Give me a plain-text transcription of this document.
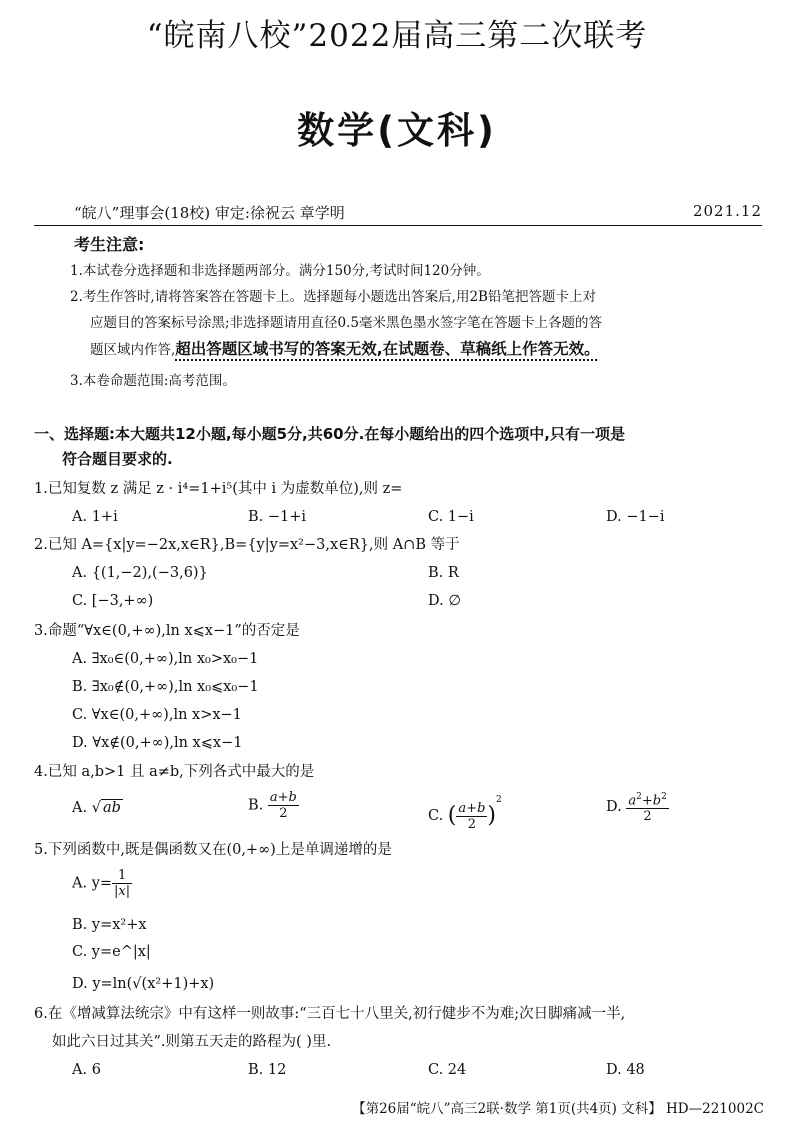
“皖南八校”2022届高三第二次联考
数学(文科)
“皖八”理事会(18校) 审定:徐祝云 章学明	2021.12
考生注意:
1.本试卷分选择题和非选择题两部分。满分150分,考试时间120分钟。
2.考生作答时,请将答案答在答题卡上。选择题每小题选出答案后,用2B铅笔把答题卡上对
应题目的答案标号涂黑;非选择题请用直径0.5毫米黑色墨水签字笔在答题卡上各题的答
题区域内作答,超出答题区域书写的答案无效,在试题卷、草稿纸上作答无效。
3.本卷命题范围:高考范围。
一、选择题:本大题共12小题,每小题5分,共60分.在每小题给出的四个选项中,只有一项是
符合题目要求的.
1.已知复数 z 满足 z · i⁴=1+i⁵(其中 i 为虚数单位),则 z=
A. 1+i	B. −1+i	C. 1−i	D. −1−i
2.已知 A={x|y=−2x,x∈R},B={y|y=x²−3,x∈R},则 A∩B 等于
A. {(1,−2),(−3,6)}	B. R
C. [−3,+∞)	D. ∅
3.命题“∀x∈(0,+∞),ln x⩽x−1”的否定是
A. ∃x₀∈(0,+∞),ln x₀>x₀−1
B. ∃x₀∉(0,+∞),ln x₀⩽x₀−1
C. ∀x∈(0,+∞),ln x>x−1
D. ∀x∉(0,+∞),ln x⩽x−1
4.已知 a,b>1 且 a≠b,下列各式中最大的是
A. √ ab	B. $\frac{a+b}{2}$	C. ( $\frac{a+b}{2} )^2$	D. $\frac{a^2+b^2}{2}$
5.下列函数中,既是偶函数又在(0,+∞)上是单调递增的是
A. $y= \frac{1}{|x|}$
B. y=x²+x
C. y=e^|x|
D. y=ln(√(x²+1)+x)
6.在《增减算法统宗》中有这样一则故事:“三百七十八里关,初行健步不为难;次日脚痛减一半,
如此六日过其关”.则第五天走的路程为( )里.
A. 6	B. 12	C. 24	D. 48
【第26届“皖八”高三2联·数学 第1页(共4页) 文科】 HD—221002C
